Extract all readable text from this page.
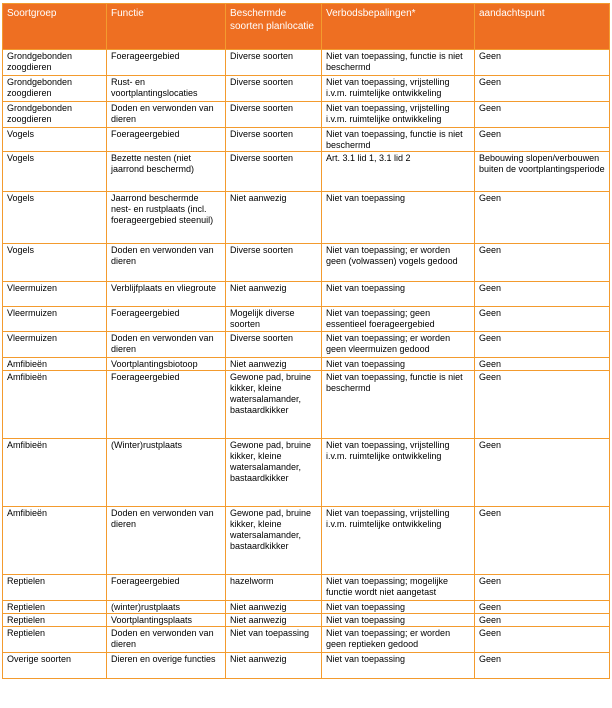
Soortgroep	Functie	Beschermde soorten planlocatie	Verbodsbepalingen*	aandachtspunt
Grondgebonden zoogdieren	Foerageergebied	Diverse soorten	Niet van toepassing, functie is niet beschermd	Geen
Grondgebonden zoogdieren	Rust- en voortplantingslocaties	Diverse soorten	Niet van toepassing, vrijstelling i.v.m. ruimtelijke ontwikkeling	Geen
Grondgebonden zoogdieren	Doden en verwonden van dieren	Diverse soorten	Niet van toepassing, vrijstelling i.v.m. ruimtelijke ontwikkeling	Geen
Vogels	Foerageergebied	Diverse soorten	Niet van toepassing, functie is niet beschermd	Geen
Vogels	Bezette nesten (niet jaarrond beschermd)	Diverse soorten	Art. 3.1 lid 1, 3.1 lid 2	Bebouwing slopen/verbouwen buiten de voortplantingsperiode
Vogels	Jaarrond beschermde nest- en rustplaats (incl. foerageergebied steenuil)	Niet aanwezig	Niet van toepassing	Geen
Vogels	Doden en verwonden van dieren	Diverse soorten	Niet van toepassing; er worden geen (volwassen) vogels gedood	Geen
Vleermuizen	Verblijfplaats en vliegroute	Niet aanwezig	Niet van toepassing	Geen
Vleermuizen	Foerageergebied	Mogelijk diverse soorten	Niet van toepassing; geen essentieel foerageergebied	Geen
Vleermuizen	Doden en verwonden van dieren	Diverse soorten	Niet van toepassing; er worden geen vleermuizen gedood	Geen
Amfibieën	Voortplantingsbiotoop	Niet aanwezig	Niet van toepassing	Geen
Amfibieën	Foerageergebied	Gewone pad, bruine kikker, kleine watersalamander, bastaardkikker	Niet van toepassing, functie is niet beschermd	Geen
Amfibieën	(Winter)rustplaats	Gewone pad, bruine kikker, kleine watersalamander, bastaardkikker	Niet van toepassing, vrijstelling i.v.m. ruimtelijke ontwikkeling	Geen
Amfibieën	Doden en verwonden van dieren	Gewone pad, bruine kikker, kleine watersalamander, bastaardkikker	Niet van toepassing, vrijstelling i.v.m. ruimtelijke ontwikkeling	Geen
Reptielen	Foerageergebied	hazelworm	Niet van toepassing; mogelijke functie wordt niet aangetast	Geen
Reptielen	(winter)rustplaats	Niet aanwezig	Niet van toepassing	Geen
Reptielen	Voortplantingsplaats	Niet aanwezig	Niet van toepassing	Geen
Reptielen	Doden en verwonden van dieren	Niet van toepassing	Niet van toepassing; er worden geen reptieken gedood	Geen
Overige soorten	Dieren en overige functies	Niet aanwezig	Niet van toepassing	Geen
